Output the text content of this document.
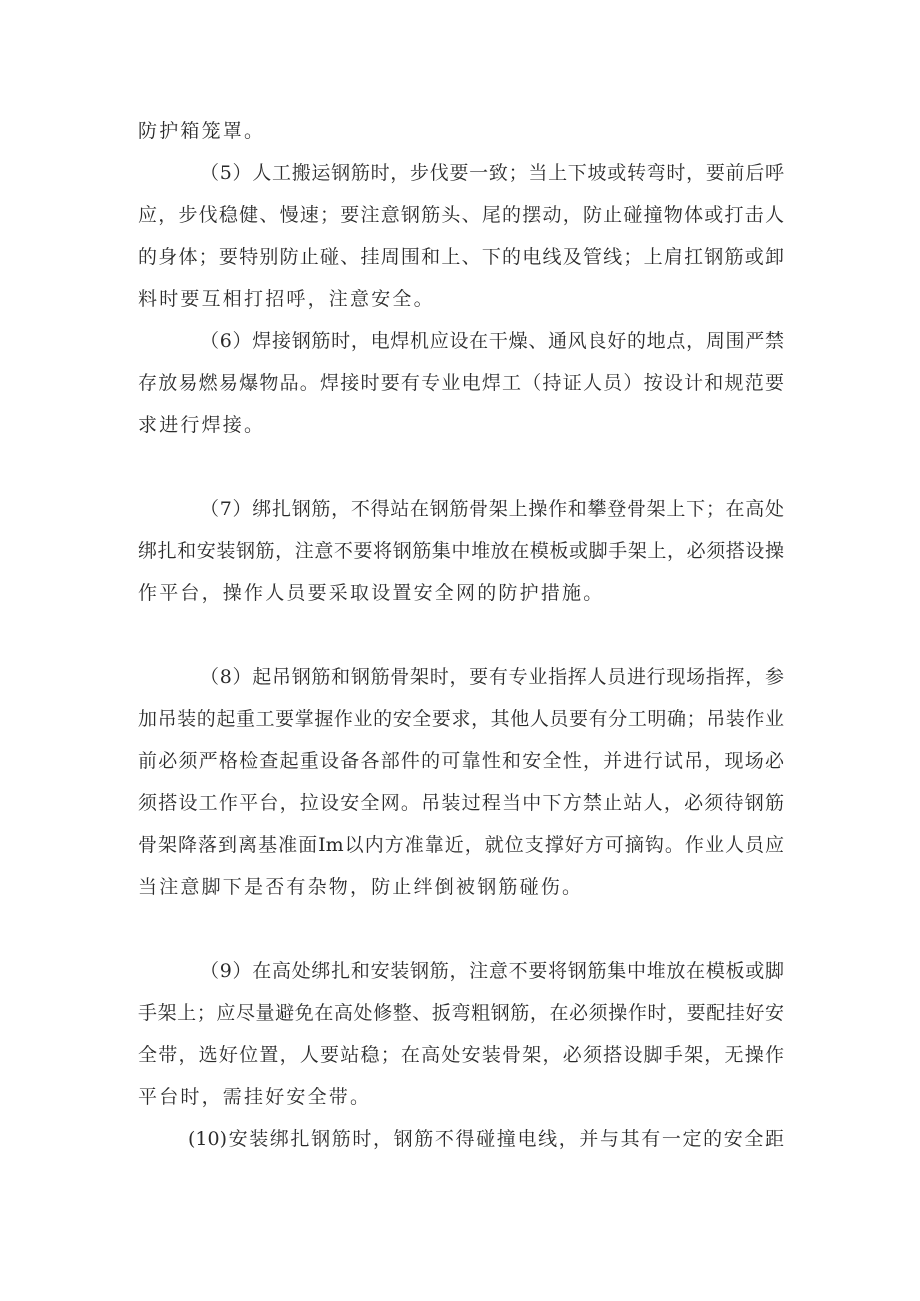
防护箱笼罩。
（5）人工搬运钢筋时，步伐要一致；当上下坡或转弯时，要前后呼
应，步伐稳健、慢速；要注意钢筋头、尾的摆动，防止碰撞物体或打击人
的身体；要特别防止碰、挂周围和上、下的电线及管线；上肩扛钢筋或卸
料时要互相打招呼，注意安全。
（6）焊接钢筋时，电焊机应设在干燥、通风良好的地点，周围严禁
存放易燃易爆物品。焊接时要有专业电焊工（持证人员）按设计和规范要
求进行焊接。
（7）绑扎钢筋，不得站在钢筋骨架上操作和攀登骨架上下；在高处
绑扎和安装钢筋，注意不要将钢筋集中堆放在模板或脚手架上，必须搭设操
作平台，操作人员要采取设置安全网的防护措施。
（8）起吊钢筋和钢筋骨架时，要有专业指挥人员进行现场指挥，参
加吊装的起重工要掌握作业的安全要求，其他人员要有分工明确；吊装作业
前必须严格检查起重设备各部件的可靠性和安全性，并进行试吊，现场必
须搭设工作平台，拉设安全网。吊装过程当中下方禁止站人，必须待钢筋
骨架降落到离基准面Im以内方准靠近，就位支撑好方可摘钩。作业人员应
当注意脚下是否有杂物，防止绊倒被钢筋碰伤。
（9）在高处绑扎和安装钢筋，注意不要将钢筋集中堆放在模板或脚
手架上；应尽量避免在高处修整、扳弯粗钢筋，在必须操作时，要配挂好安
全带，选好位置，人要站稳；在高处安装骨架，必须搭设脚手架，无操作
平台时，需挂好安全带。
(10)安装绑扎钢筋时，钢筋不得碰撞电线，并与其有一定的安全距
